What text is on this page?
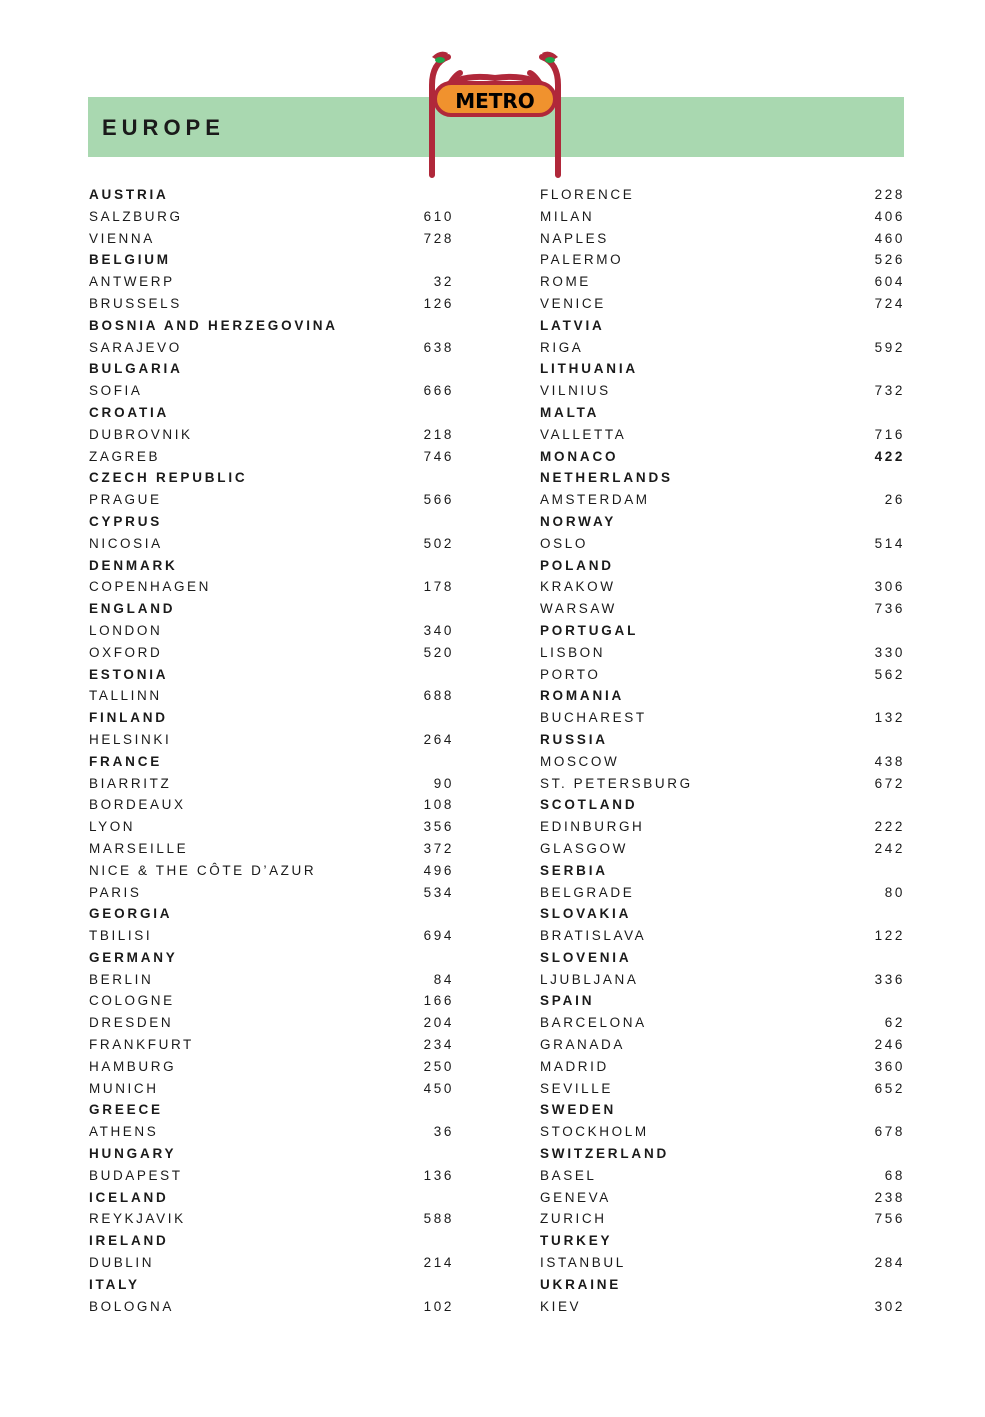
EUROPE
METRO
AUSTRIA
SALZBURG	610
VIENNA	728
BELGIUM
ANTWERP	32
BRUSSELS	126
BOSNIA AND HERZEGOVINA
SARAJEVO	638
BULGARIA
SOFIA	666
CROATIA
DUBROVNIK	218
ZAGREB	746
CZECH REPUBLIC
PRAGUE	566
CYPRUS
NICOSIA	502
DENMARK
COPENHAGEN	178
ENGLAND
LONDON	340
OXFORD	520
ESTONIA
TALLINN	688
FINLAND
HELSINKI	264
FRANCE
BIARRITZ	90
BORDEAUX	108
LYON	356
MARSEILLE	372
NICE & THE CÔTE D’AZUR	496
PARIS	534
GEORGIA
TBILISI	694
GERMANY
BERLIN	84
COLOGNE	166
DRESDEN	204
FRANKFURT	234
HAMBURG	250
MUNICH	450
GREECE
ATHENS	36
HUNGARY
BUDAPEST	136
ICELAND
REYKJAVIK	588
IRELAND
DUBLIN	214
ITALY
BOLOGNA	102
FLORENCE	228
MILAN	406
NAPLES	460
PALERMO	526
ROME	604
VENICE	724
LATVIA
RIGA	592
LITHUANIA
VILNIUS	732
MALTA
VALLETTA	716
MONACO	422
NETHERLANDS
AMSTERDAM	26
NORWAY
OSLO	514
POLAND
KRAKOW	306
WARSAW	736
PORTUGAL
LISBON	330
PORTO	562
ROMANIA
BUCHAREST	132
RUSSIA
MOSCOW	438
ST. PETERSBURG	672
SCOTLAND
EDINBURGH	222
GLASGOW	242
SERBIA
BELGRADE	80
SLOVAKIA
BRATISLAVA	122
SLOVENIA
LJUBLJANA	336
SPAIN
BARCELONA	62
GRANADA	246
MADRID	360
SEVILLE	652
SWEDEN
STOCKHOLM	678
SWITZERLAND
BASEL	68
GENEVA	238
ZURICH	756
TURKEY
ISTANBUL	284
UKRAINE
KIEV	302
